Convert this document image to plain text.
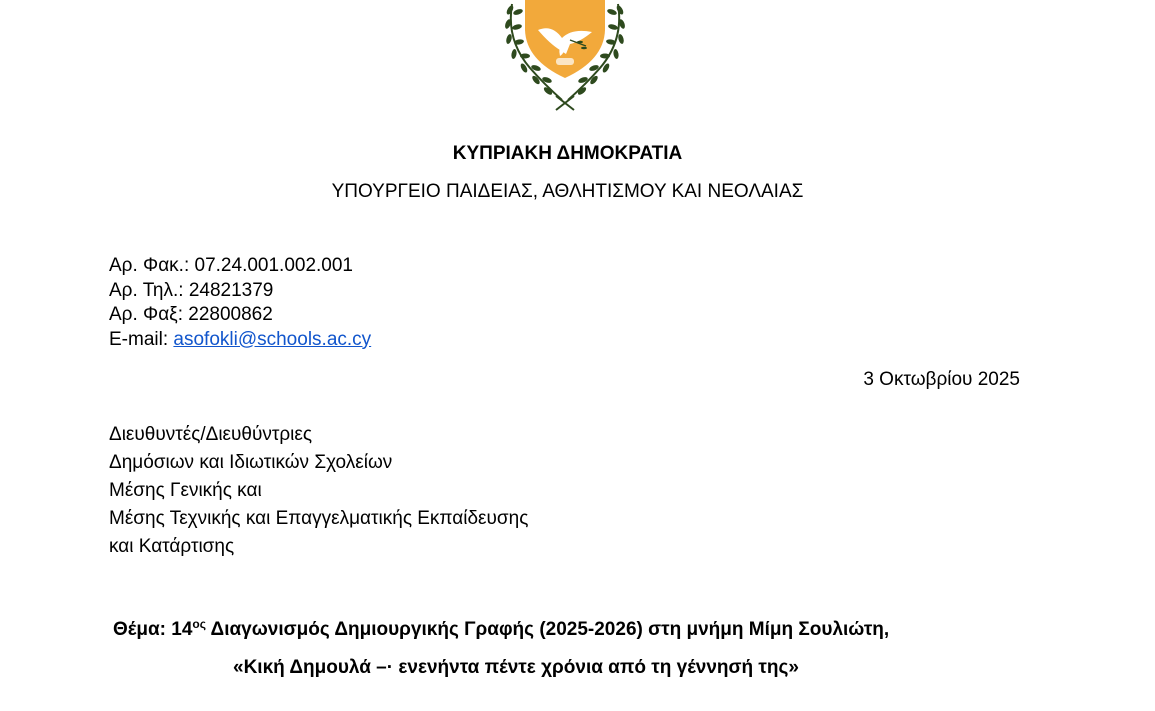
ΚΥΠΡΙΑΚΗ ΔΗΜΟΚΡΑΤΙΑ
ΥΠΟΥΡΓΕΙΟ ΠΑΙΔΕΙΑΣ, ΑΘΛΗΤΙΣΜΟΥ ΚΑΙ ΝΕΟΛΑΙΑΣ
Αρ. Φακ.: 07.24.001.002.001
Αρ. Τηλ.: 24821379
Αρ. Φαξ: 22800862
E-mail: asofokli@schools.ac.cy
3 Οκτωβρίου 2025
Διευθυντές/Διευθύντριες
Δημόσιων και Ιδιωτικών Σχολείων
Μέσης Γενικής και
Μέσης Τεχνικής και Επαγγελματικής Εκπαίδευσης
και Κατάρτισης
Θέμα: $14^{o\varsigma}$ Διαγωνισμός Δημιουργικής Γραφής (2025-2026) στη μνήμη Μίμη Σουλιώτη,
«Κική Δημουλά –· ενενήντα πέντε χρόνια από τη γέννησή της»
